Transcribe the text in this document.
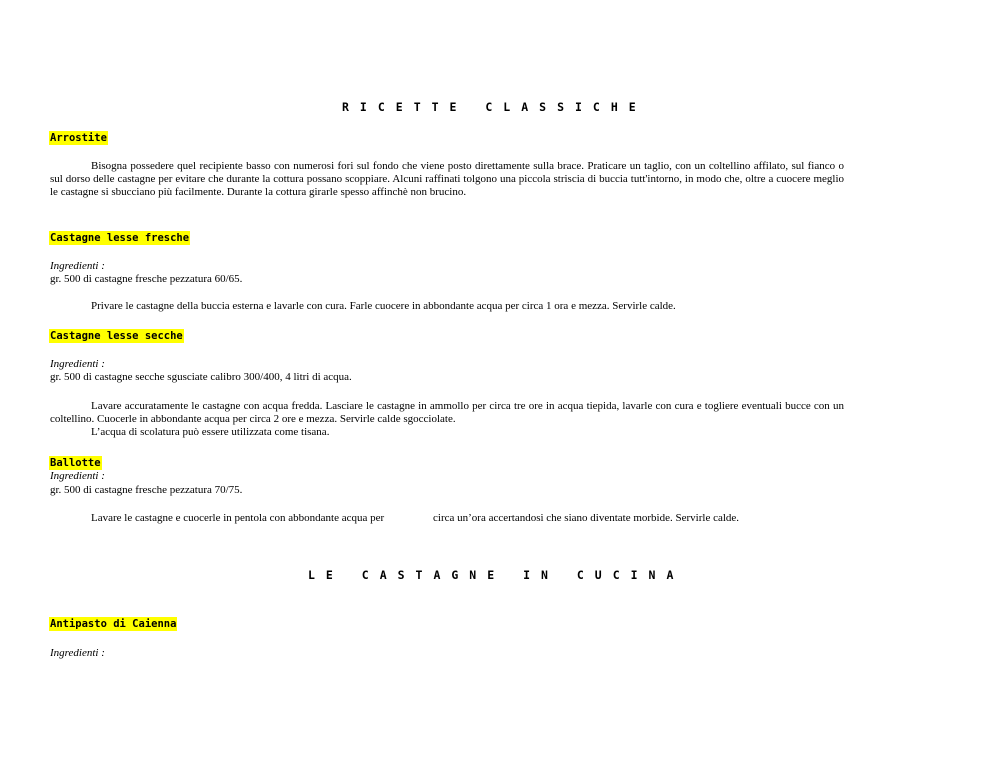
RICETTE CLASSICHE
Arrostite
Bisogna possedere quel recipiente basso con numerosi fori sul fondo che viene posto direttamente sulla brace. Praticare un taglio, con un coltellino affilato, sul fianco o sul dorso delle castagne per evitare che durante la cottura possano scoppiare. Alcuni raffinati tolgono una piccola striscia di buccia tutt'intorno, in modo che, oltre a cuocere meglio le castagne si sbucciano più facilmente. Durante la cottura girarle spesso affinchè non brucino.
Castagne lesse fresche
Ingredienti :
gr. 500 di castagne fresche pezzatura 60/65.
Privare le castagne della buccia esterna e lavarle con cura. Farle cuocere in abbondante acqua per circa 1 ora e mezza. Servirle calde.
Castagne lesse secche
Ingredienti :
gr. 500 di castagne secche sgusciate calibro 300/400, 4 litri di acqua.
Lavare accuratamente le castagne con acqua fredda. Lasciare le castagne in ammollo per circa tre ore in acqua tiepida, lavarle con cura e togliere eventuali bucce con un coltellino. Cuocerle in abbondante acqua per circa 2 ore e mezza. Servirle calde sgocciolate.
L’acqua di scolatura può essere utilizzata come tisana.
Ballotte
Ingredienti :
gr. 500 di castagne fresche pezzatura 70/75.
Lavare le castagne e cuocerle in pentola con abbondante acqua per	circa un’ora accertandosi che siano diventate morbide. Servirle calde.
LE CASTAGNE IN CUCINA
Antipasto di Caienna
Ingredienti :
